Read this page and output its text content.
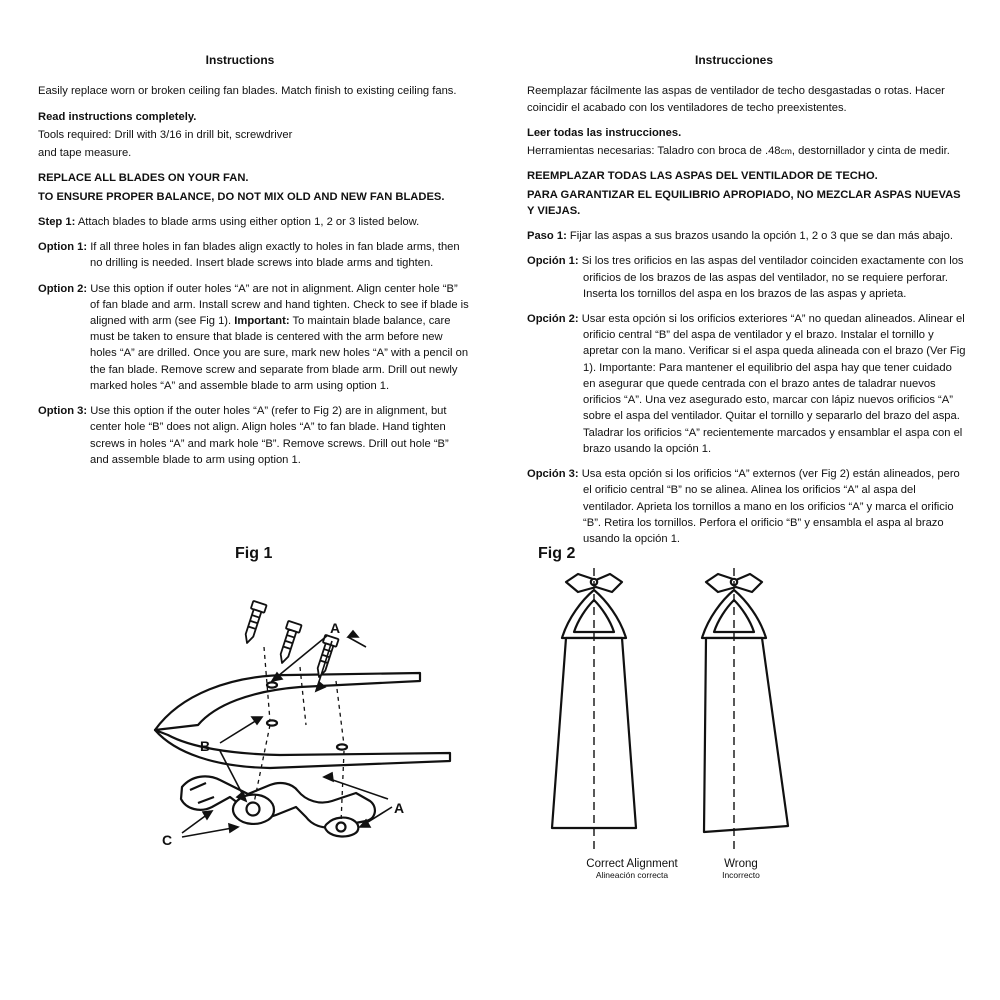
Instructions

Easily replace worn or broken ceiling fan blades. Match finish to existing ceiling fans.

Read instructions completely.

Tools required: Drill with 3/16 in drill bit, screwdriver

and tape measure.

REPLACE ALL BLADES ON YOUR FAN.

TO ENSURE PROPER BALANCE, DO NOT MIX OLD AND NEW FAN BLADES.

Step 1: Attach blades to blade arms using either option 1, 2 or 3 listed below.

Option 1: If all three holes in fan blades align exactly to holes in fan blade arms, then no drilling is needed. Insert blade screws into blade arms and tighten.

Option 2: Use this option if outer holes “A” are not in alignment. Align center hole “B” of fan blade and arm. Install screw and hand tighten. Check to see if blade is aligned with arm (see Fig 1). Important: To maintain blade balance, care must be taken to ensure that blade is centered with the arm before new holes “A” are drilled. Once you are sure, mark new holes “A” with a pencil on the fan blade. Remove screw and separate from blade arm. Drill out newly marked holes “A” and assemble blade to arm using option 1.

Option 3: Use this option if the outer holes “A” (refer to Fig 2) are in alignment, but center hole “B” does not align. Align holes “A” to fan blade. Hand tighten screws in holes “A” and mark hole “B”. Remove screws. Drill out hole “B” and assemble blade to arm using option 1.

Instrucciones

Reemplazar fácilmente las aspas de ventilador de techo desgastadas o rotas. Hacer coincidir el acabado con los ventiladores de techo preexistentes.

Leer todas las instrucciones.

Herramientas necesarias: Taladro con broca de .48cm, destornillador y cinta de medir.

REEMPLAZAR TODAS LAS ASPAS DEL VENTILADOR DE TECHO.

PARA GARANTIZAR EL EQUILIBRIO APROPIADO, NO MEZCLAR ASPAS NUEVAS Y VIEJAS.

Paso 1: Fijar las aspas a sus brazos usando la opción 1, 2 o 3 que se dan más abajo.

Opción 1: Si los tres orificios en las aspas del ventilador coinciden exactamente con los orificios de los brazos de las aspas del ventilador, no se requiere perforar. Inserta los tornillos del aspa en los brazos de las aspas y aprieta.

Opción 2: Usar esta opción si los orificios exteriores “A” no quedan alineados. Alinear el orificio central “B” del aspa de ventilador y el brazo. Instalar el tornillo y apretar con la mano. Verificar si el aspa queda alineada con el brazo (Ver Fig 1). Importante: Para mantener el equilibrio del aspa hay que tener cuidado en asegurar que quede centrada con el brazo antes de taladrar nuevos orificios “A”. Una vez asegurado esto, marcar con lápiz nuevos orificios “A” sobre el aspa del ventilador. Quitar el tornillo y separarlo del brazo del aspa. Taladrar los orificios “A” recientemente marcados y ensamblar el aspa con el brazo usando la opción 1.

Opción 3: Usa esta opción si los orificios “A” externos (ver Fig 2) están alineados, pero el orificio central “B” no se alinea. Alinea los orificios “A” al aspa del ventilador. Aprieta los tornillos a mano en los orificios “A” y marca el orificio “B”. Retira los tornillos. Perfora el orificio “B” y ensambla el aspa al brazo usando la opción 1.

Fig 1
A
A
B
C
Fig 2
Correct Alignment
Alineación correcta
Wrong
Incorrecto
